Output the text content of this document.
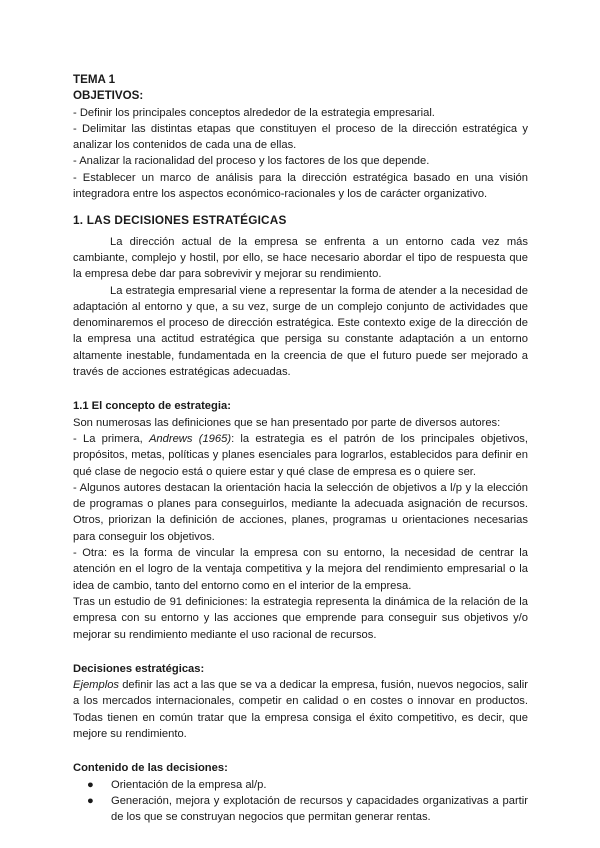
TEMA 1

OBJETIVOS:

- Definir los principales conceptos alrededor de la estrategia empresarial.

- Delimitar las distintas etapas que constituyen el proceso de la dirección estratégica y analizar los contenidos de cada una de ellas.

- Analizar la racionalidad del proceso y los factores de los que depende.

- Establecer un marco de análisis para la dirección estratégica basado en una visión integradora entre los aspectos económico-racionales y los de carácter organizativo.

1. LAS DECISIONES ESTRATÉGICAS

La dirección actual de la empresa se enfrenta a un entorno cada vez más cambiante, complejo y hostil, por ello, se hace necesario abordar el tipo de respuesta que la empresa debe dar para sobrevivir y mejorar su rendimiento.

La estrategia empresarial viene a representar la forma de atender a la necesidad de adaptación al entorno y que, a su vez, surge de un complejo conjunto de actividades que denominaremos el proceso de dirección estratégica. Este contexto exige de la dirección de la empresa una actitud estratégica que persiga su constante adaptación a un entorno altamente inestable, fundamentada en la creencia de que el futuro puede ser mejorado a través de acciones estratégicas adecuadas.

1.1 El concepto de estrategia:

Son numerosas las definiciones que se han presentado por parte de diversos autores:

- La primera, Andrews (1965): la estrategia es el patrón de los principales objetivos, propósitos, metas, políticas y planes esenciales para lograrlos, establecidos para definir en qué clase de negocio está o quiere estar y qué clase de empresa es o quiere ser.

- Algunos autores destacan la orientación hacia la selección de objetivos a l/p y la elección de programas o planes para conseguirlos, mediante la adecuada asignación de recursos. Otros, priorizan la definición de acciones, planes, programas u orientaciones necesarias para conseguir los objetivos.

- Otra: es la forma de vincular la empresa con su entorno, la necesidad de centrar la atención en el logro de la ventaja competitiva y la mejora del rendimiento empresarial o la idea de cambio, tanto del entorno como en el interior de la empresa.

Tras un estudio de 91 definiciones: la estrategia representa la dinámica de la relación de la empresa con su entorno y las acciones que emprende para conseguir sus objetivos y/o mejorar su rendimiento mediante el uso racional de recursos.

Decisiones estratégicas:

Ejemplos definir las act a las que se va a dedicar la empresa, fusión, nuevos negocios, salir a los mercados internacionales, competir en calidad o en costes o innovar en productos. Todas tienen en común tratar que la empresa consiga el éxito competitivo, es decir, que mejore su rendimiento.

Contenido de las decisiones:

● Orientación de la empresa al/p.
● Generación, mejora y explotación de recursos y capacidades organizativas a partir de los que se construyan negocios que permitan generar rentas.
